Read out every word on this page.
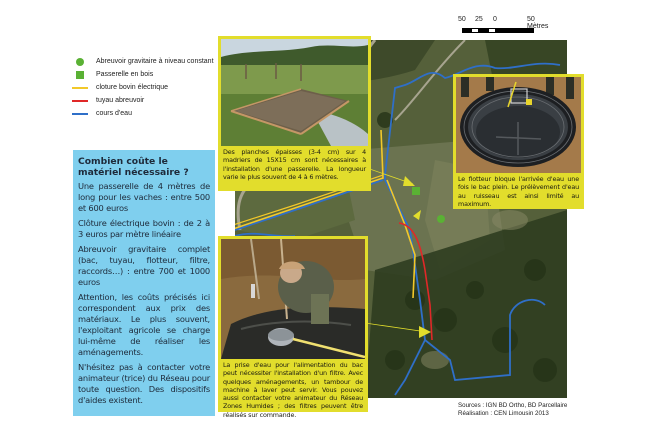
Abreuvoir gravitaire à niveau constant
Passerelle en bois
cloture bovin électrique
tuyau abreuvoir
cours d'eau
50 25 0	50 Mètres
Combien coûte le matériel nécessaire ?

Une passerelle de 4 mètres de long pour les vaches : entre 500 et 600 euros

Clôture électrique bovin : de 2 à 3 euros par mètre linéaire

Abreuvoir gravitaire complet (bac, tuyau, flotteur, filtre, raccords…) : entre 700 et 1000 euros

Attention, les coûts précisés ici correspondent aux prix des matériaux. Le plus souvent, l'exploitant agricole se charge lui-même de réaliser les aménagements.

N'hésitez pas à contacter votre animateur (trice) du Réseau pour toute question. Des dispositifs d'aides existent.

Des planches épaisses (3-4 cm) sur 4 madriers de 15X15 cm sont nécessaires à l'installation d'une passerelle. La longueur varie le plus souvent de 4 à 6 mètres.	Le flotteur bloque l'arrivée d'eau une fois le bac plein. Le prélèvement d'eau au ruisseau est ainsi limité au maximum.
La prise d'eau pour l'alimentation du bac peut nécessiter l'installation d'un filtre. Avec quelques aménagements, un tambour de machine à laver peut servir. Vous pouvez aussi contacter votre animateur du Réseau Zones Humides ; des filtres peuvent être réalisés sur commande.
Sources : IGN BD Ortho, BD Parcellaire
Réalisation : CEN Limousin 2013
